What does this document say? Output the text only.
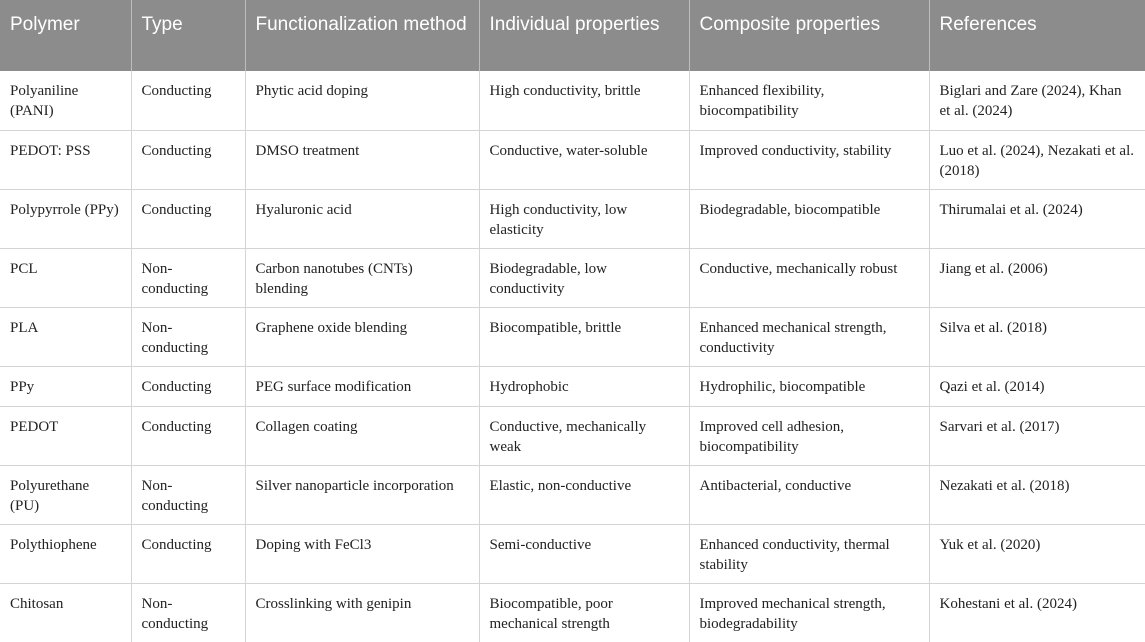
Polymer	Type	Functionalization method	Individual properties	Composite properties	References
Polyaniline (PANI)	Conducting	Phytic acid doping	High conductivity, brittle	Enhanced flexibility, biocompatibility	Biglari and Zare (2024), Khan et al. (2024)
PEDOT: PSS	Conducting	DMSO treatment	Conductive, water-soluble	Improved conductivity, stability	Luo et al. (2024), Nezakati et al. (2018)
Polypyrrole (PPy)	Conducting	Hyaluronic acid	High conductivity, low elasticity	Biodegradable, biocompatible	Thirumalai et al. (2024)
PCL	Non-conducting	Carbon nanotubes (CNTs) blending	Biodegradable, low conductivity	Conductive, mechanically robust	Jiang et al. (2006)
PLA	Non-conducting	Graphene oxide blending	Biocompatible, brittle	Enhanced mechanical strength, conductivity	Silva et al. (2018)
PPy	Conducting	PEG surface modification	Hydrophobic	Hydrophilic, biocompatible	Qazi et al. (2014)
PEDOT	Conducting	Collagen coating	Conductive, mechanically weak	Improved cell adhesion, biocompatibility	Sarvari et al. (2017)
Polyurethane (PU)	Non-conducting	Silver nanoparticle incorporation	Elastic, non-conductive	Antibacterial, conductive	Nezakati et al. (2018)
Polythiophene	Conducting	Doping with FeCl3	Semi-conductive	Enhanced conductivity, thermal stability	Yuk et al. (2020)
Chitosan	Non-conducting	Crosslinking with genipin	Biocompatible, poor mechanical strength	Improved mechanical strength, biodegradability	Kohestani et al. (2024)
